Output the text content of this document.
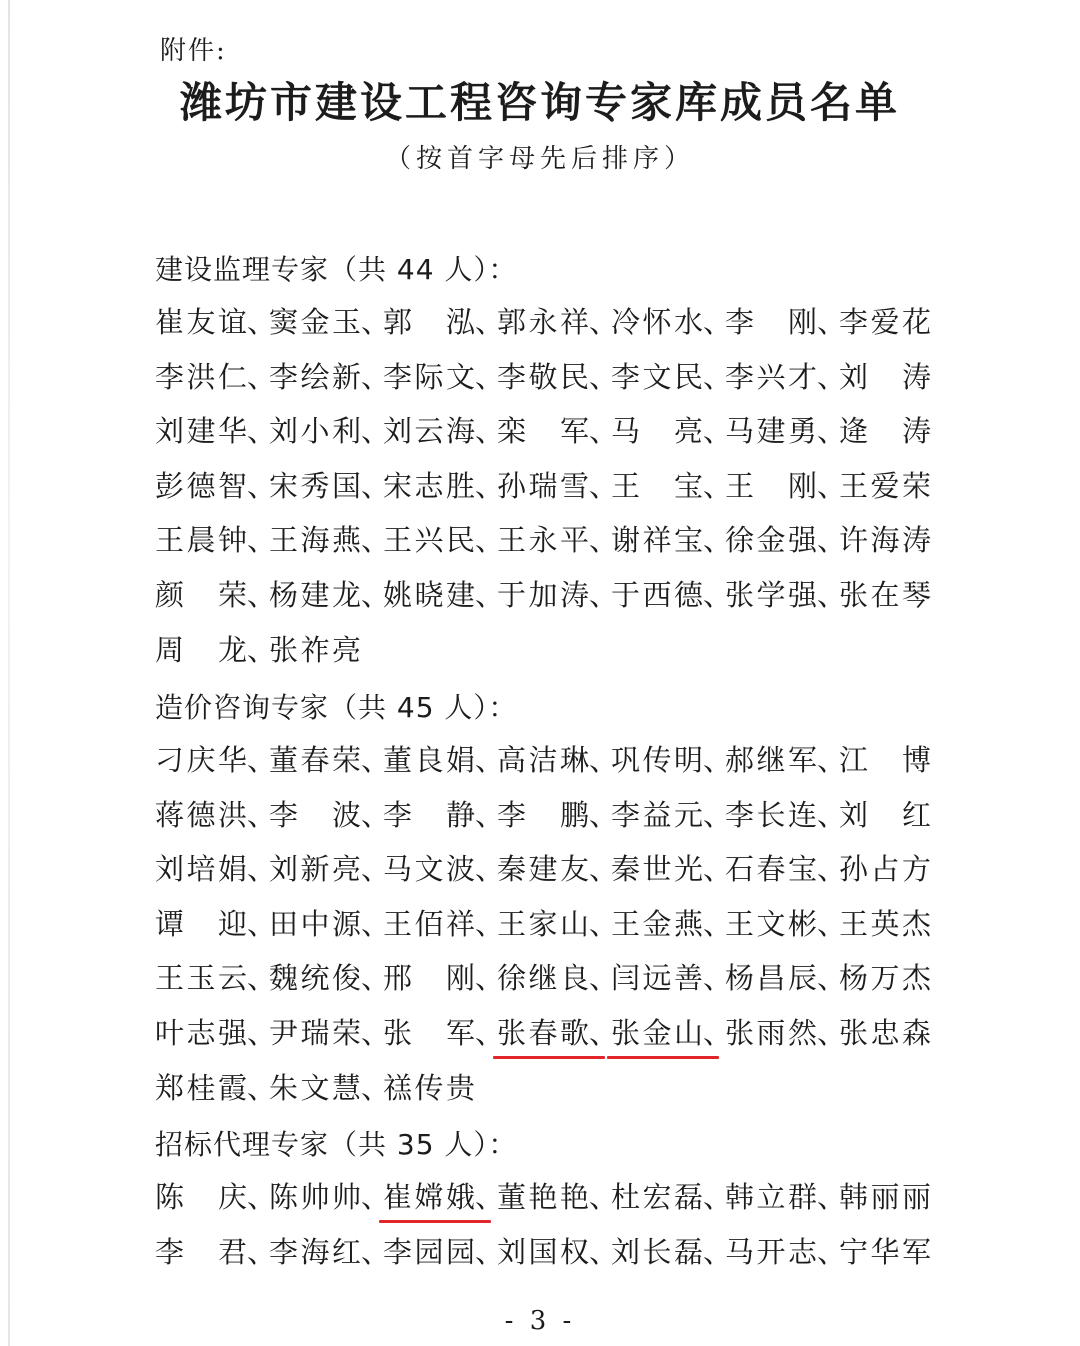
附件:
潍坊市建设工程咨询专家库成员名单
（按首字母先后排序）
建设监理专家（共 44 人）：
崔友谊、
窦金玉、
郭泓、
郭永祥、
冷怀水、
李刚、
李爱花
李洪仁、
李绘新、
李际文、
李敬民、
李文民、
李兴才、
刘涛
刘建华、
刘小利、
刘云海、
栾军、
马亮、
马建勇、
逄涛
彭德智、
宋秀国、
宋志胜、
孙瑞雪、
王宝、
王刚、
王爱荣
王晨钟、
王海燕、
王兴民、
王永平、
谢祥宝、
徐金强、
许海涛
颜荣、
杨建龙、
姚晓建、
于加涛、
于西德、
张学强、
张在琴
周龙、
张祚亮
造价咨询专家（共 45 人）：
刁庆华、
董春荣、
董良娟、
高洁琳、
巩传明、
郝继军、
江博
蒋德洪、
李波、
李静、
李鹏、
李益元、
李长连、
刘红
刘培娟、
刘新亮、
马文波、
秦建友、
秦世光、
石春宝、
孙占方
谭迎、
田中源、
王佰祥、
王家山、
王金燕、
王文彬、
王英杰
王玉云、
魏统俊、
邢刚、
徐继良、
闫远善、
杨昌辰、
杨万杰
叶志强、
尹瑞荣、
张军、
张春歌、
张金山、
张雨然、
张忠森
郑桂霞、
朱文慧、
禚传贵
招标代理专家（共 35 人）：
陈庆、
陈帅帅、
崔嫦娥、
董艳艳、
杜宏磊、
韩立群、
韩丽丽
李君、
李海红、
李园园、
刘国权、
刘长磊、
马开志、
宁华军
- 3 -
